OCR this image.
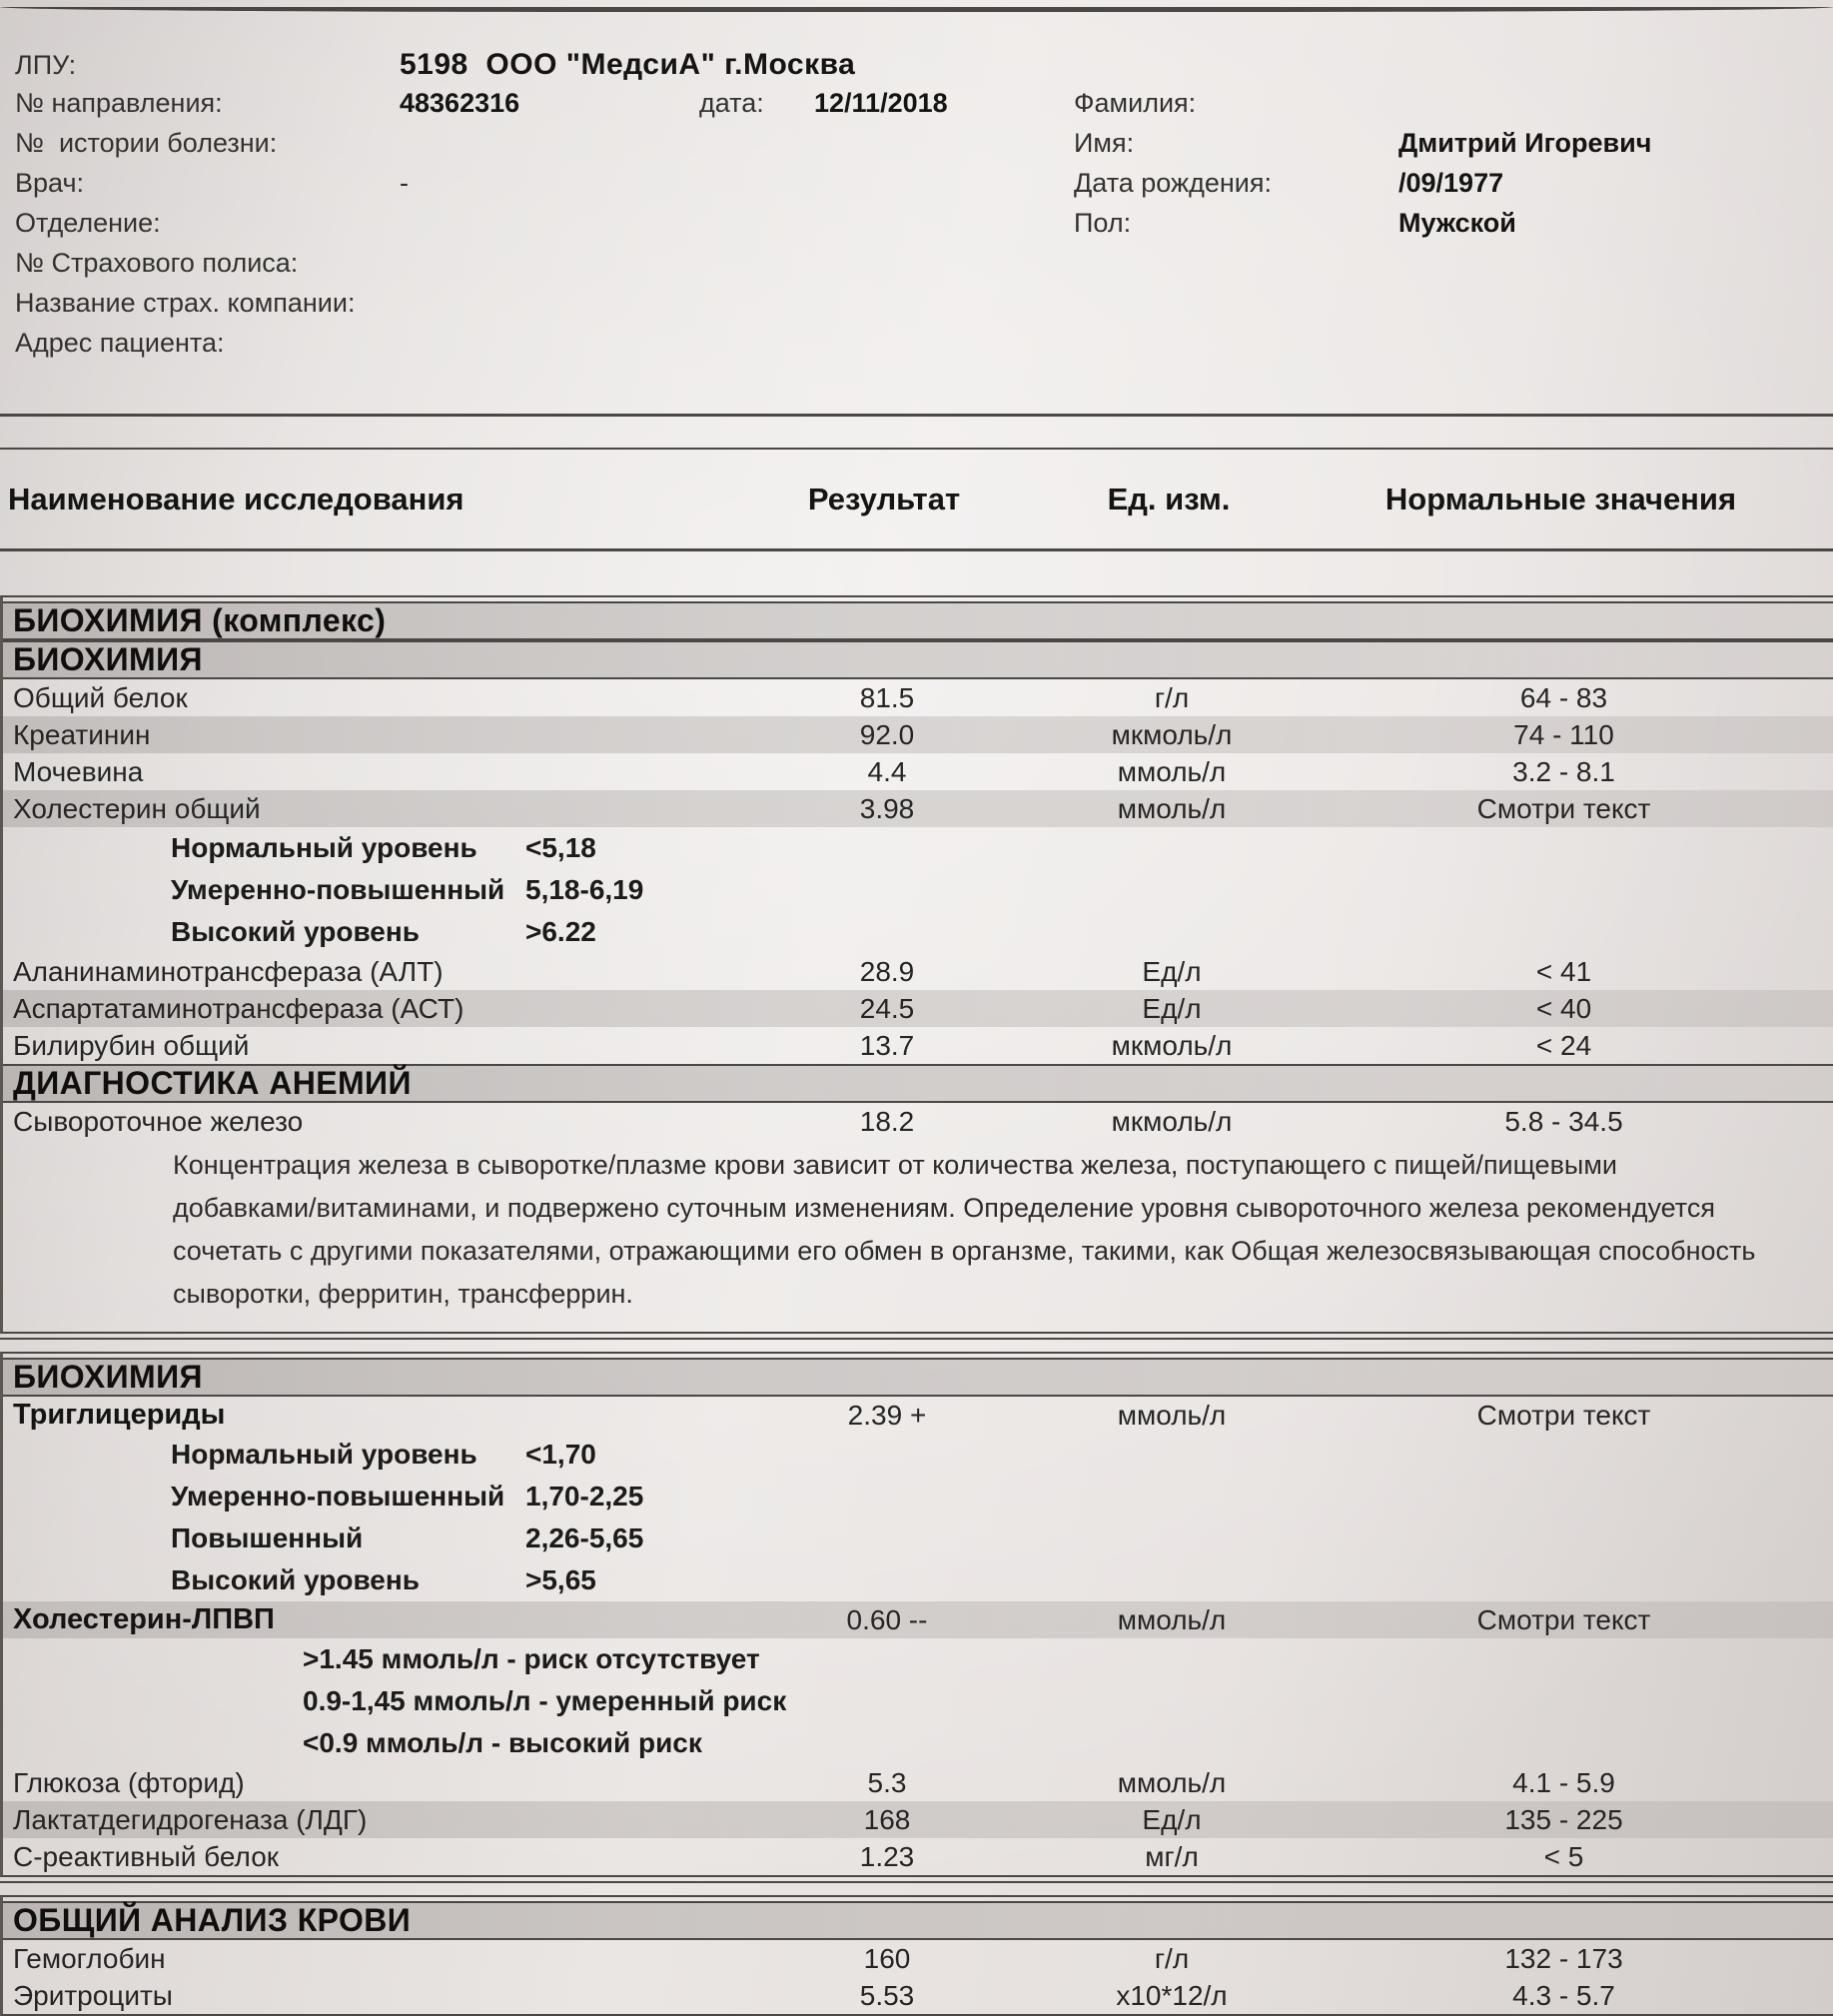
ЛПУ:	5198  ООО "МедсиА" г.Москва
№ направления:	48362316	дата:	12/11/2018
№  истории болезни:
Врач:	-
Отделение:
№ Страхового полиса:
Название страх. компании:
Адрес пациента:
Фамилия:
Имя:	Дмитрий Игоревич
Дата рождения:	/09/1977
Пол:	Мужской
Наименование исследования	Результат	Ед. изм.	Нормальные значения
БИОХИМИЯ (комплекс)
БИОХИМИЯ
Общий белок	81.5	г/л	64 - 83
Креатинин	92.0	мкмоль/л	74 - 110
Мочевина	4.4	ммоль/л	3.2 - 8.1
Холестерин общий	3.98	ммоль/л	Смотри текст
Нормальный уровень	<5,18
Умеренно-повышенный 5,18-6,19
Высокий уровень	>6.22
Аланинаминотрансфераза (АЛТ)	28.9	Ед/л	< 41
Аспартатаминотрансфераза (АСТ)	24.5	Ед/л	< 40
Билирубин общий	13.7	мкмоль/л	< 24
ДИАГНОСТИКА АНЕМИЙ
Сывороточное железо	18.2	мкмоль/л	5.8 - 34.5
Концентрация железа в сыворотке/плазме крови зависит от количества железа, поступающего с пищей/пищевыми
добавками/витаминами, и подвержено суточным изменениям. Определение уровня сывороточного железа рекомендуется
сочетать с другими показателями, отражающими его обмен в органзме, такими, как Общая железосвязывающая способность
сыворотки, ферритин, трансферрин.
БИОХИМИЯ
Триглицериды	2.39 +	ммоль/л	Смотри текст
Нормальный уровень	<1,70
Умеренно-повышенный 1,70-2,25
Повышенный	2,26-5,65
Высокий уровень	>5,65
Холестерин-ЛПВП	0.60 --	ммоль/л	Смотри текст
>1.45 ммоль/л - риск отсутствует
0.9-1,45 ммоль/л - умеренный риск
<0.9 ммоль/л - высокий риск
Глюкоза (фторид)	5.3	ммоль/л	4.1 - 5.9
Лактатдегидрогеназа (ЛДГ)	168	Ед/л	135 - 225
С-реактивный белок	1.23	мг/л	< 5
ОБЩИЙ АНАЛИЗ КРОВИ
Гемоглобин	160	г/л	132 - 173
Эритроциты	5.53	x10*12/л	4.3 - 5.7
